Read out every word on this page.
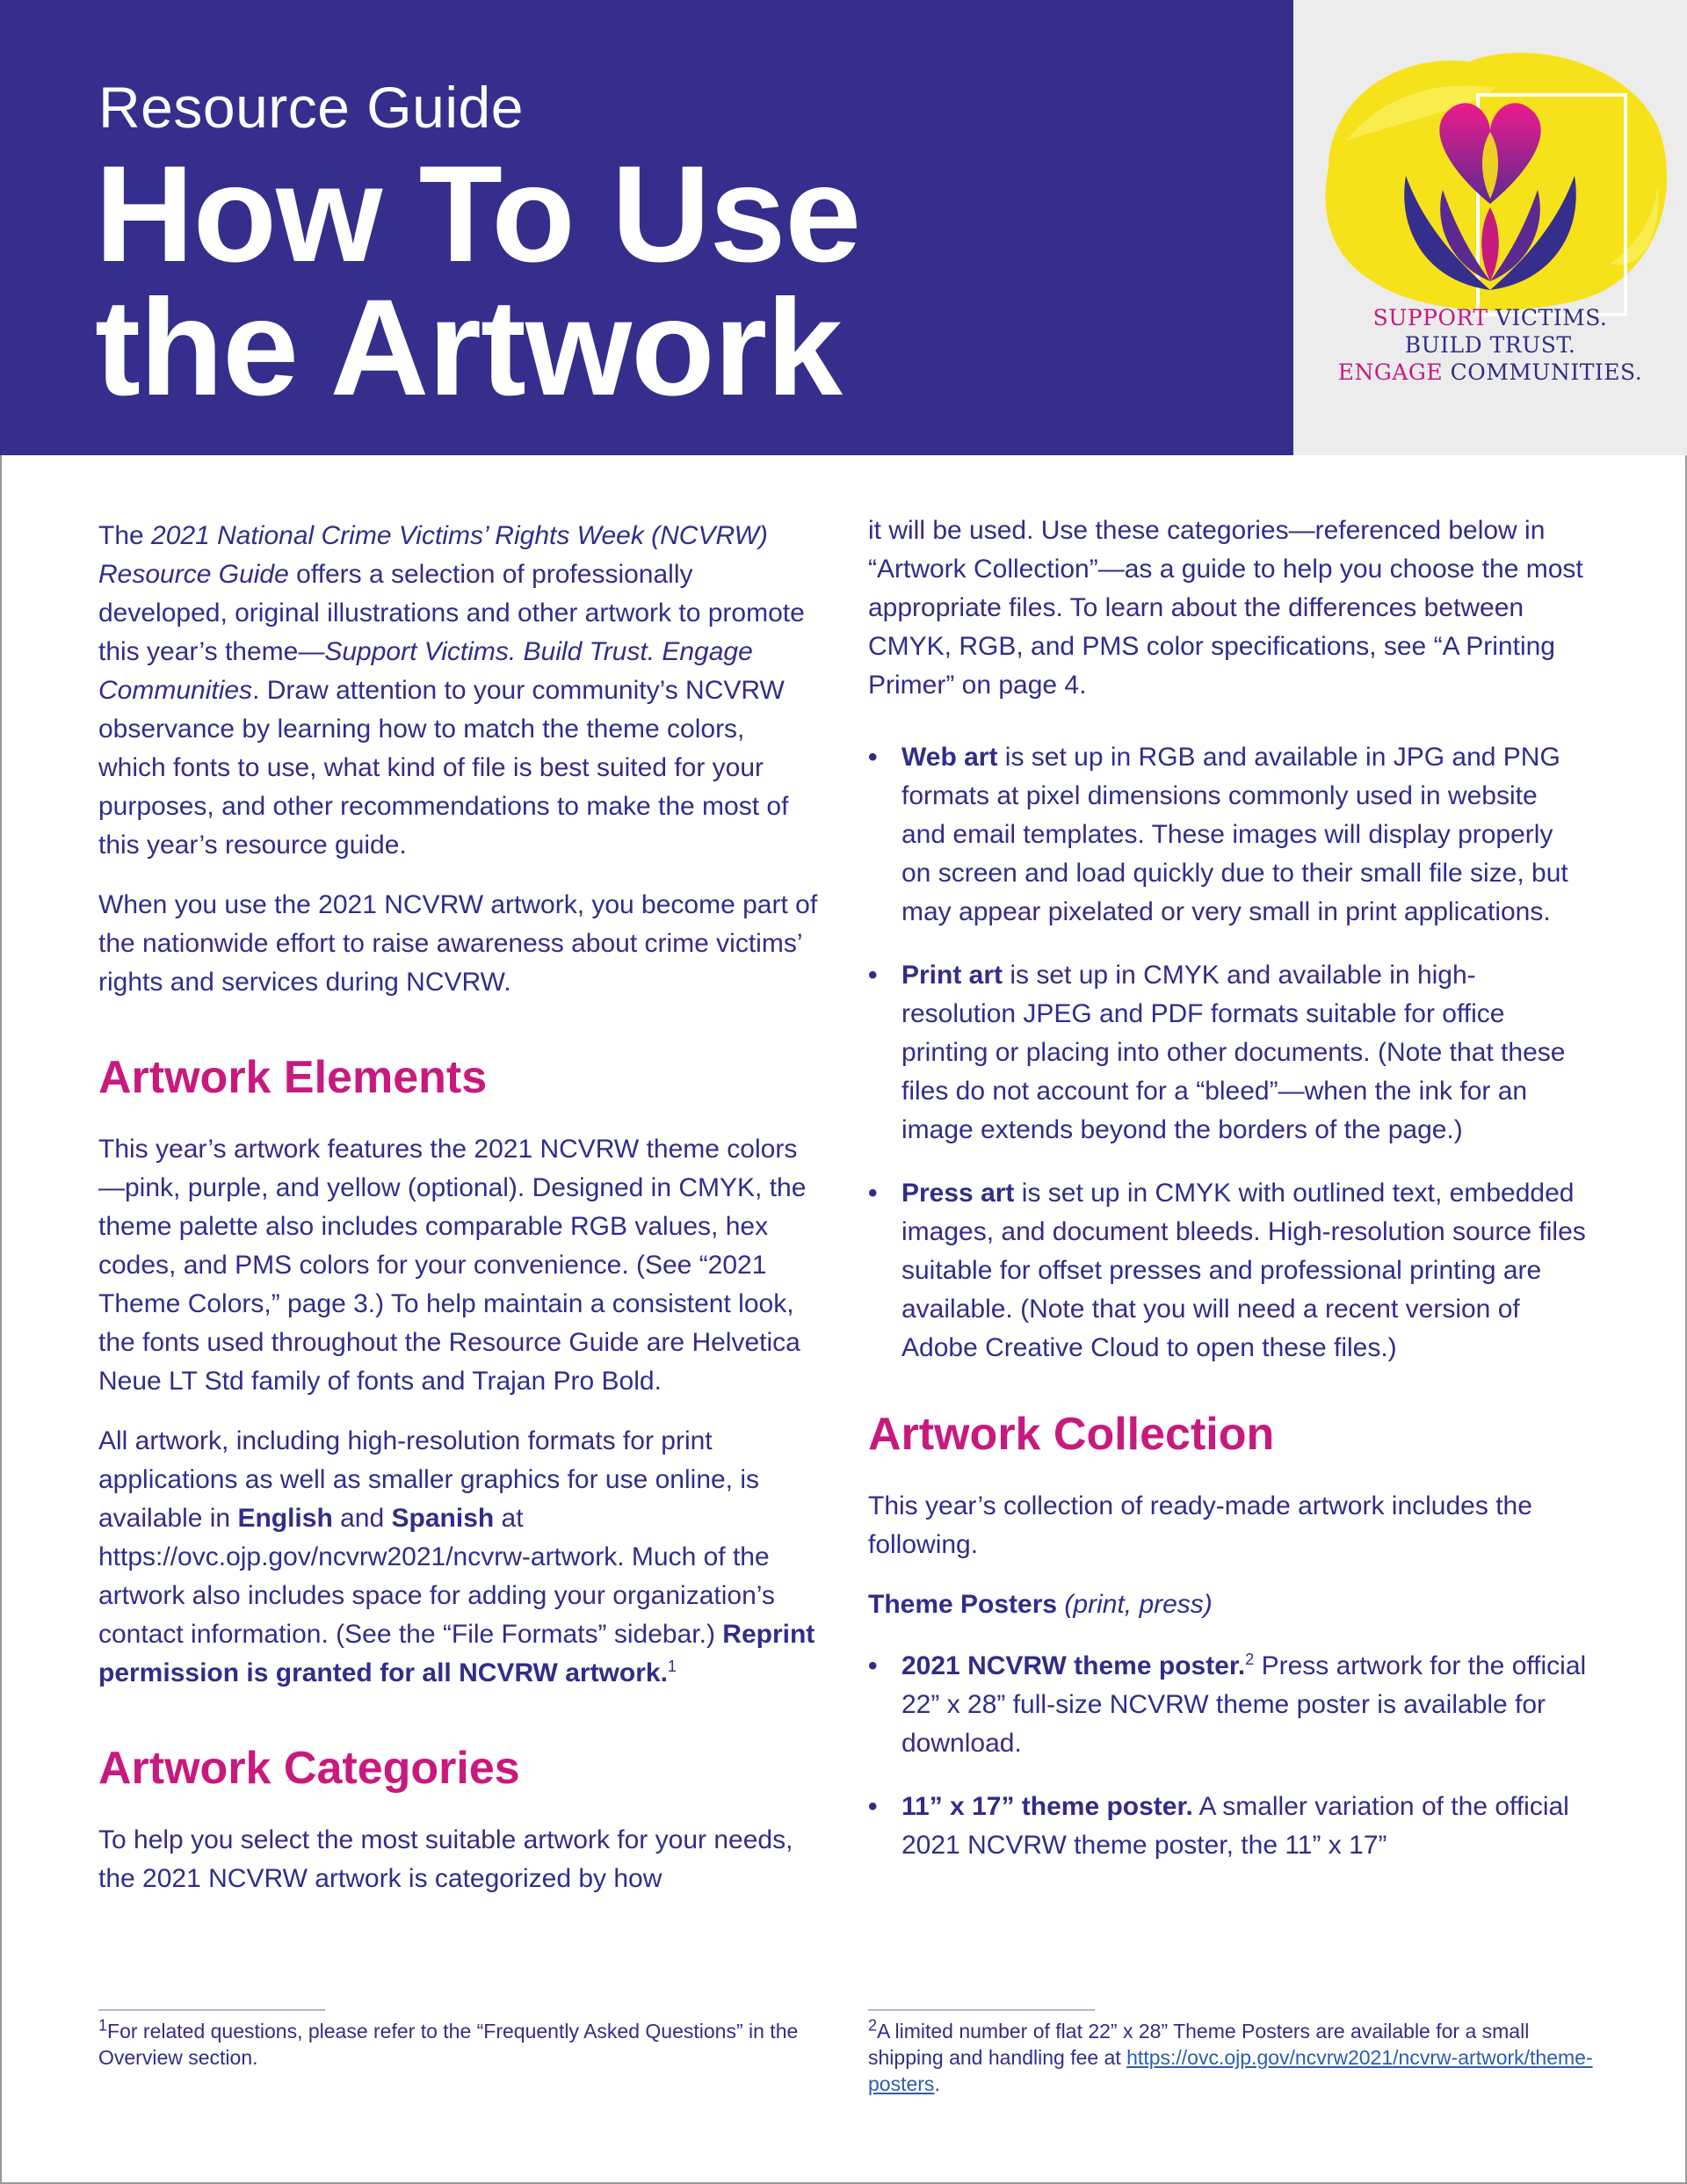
Resource Guide
How To Use
the Artwork	SUPPORT VICTIMS.
BUILD TRUST.
ENGAGE COMMUNITIES.

The 2021 National Crime Victims’ Rights Week (NCVRW) Resource Guide offers a selection of professionally developed, original illustrations and other artwork to promote this year’s theme—Support Victims. Build Trust. Engage Communities. Draw attention to your community’s NCVRW observance by learning how to match the theme colors, which fonts to use, what kind of file is best suited for your purposes, and other recommendations to make the most of this year’s resource guide.

When you use the 2021 NCVRW artwork, you become part of the nationwide effort to raise awareness about crime victims’ rights and services during NCVRW.

Artwork Elements

This year’s artwork features the 2021 NCVRW theme colors—pink, purple, and yellow (optional). Designed in CMYK, the theme palette also includes comparable RGB values, hex codes, and PMS colors for your convenience. (See “2021 Theme Colors,” page 3.) To help maintain a consistent look, the fonts used throughout the Resource Guide are Helvetica Neue LT Std family of fonts and Trajan Pro Bold.

All artwork, including high-resolution formats for print applications as well as smaller graphics for use online, is available in English and Spanish at https://ovc.ojp.gov/ncvrw2021/ncvrw-artwork. Much of the artwork also includes space for adding your organization’s contact information. (See the “File Formats” sidebar.) Reprint permission is granted for all NCVRW artwork.$^1$

Artwork Categories

To help you select the most suitable artwork for your needs, the 2021 NCVRW artwork is categorized by how

it will be used. Use these categories—referenced below in “Artwork Collection”—as a guide to help you choose the most appropriate files. To learn about the differences between CMYK, RGB, and PMS color specifications, see “A Printing Primer” on page 4.

• Web art is set up in RGB and available in JPG and PNG formats at pixel dimensions commonly used in website and email templates. These images will display properly on screen and load quickly due to their small file size, but may appear pixelated or very small in print applications.
• Print art is set up in CMYK and available in high-resolution JPEG and PDF formats suitable for office printing or placing into other documents. (Note that these files do not account for a “bleed”—when the ink for an image extends beyond the borders of the page.)
• Press art is set up in CMYK with outlined text, embedded images, and document bleeds. High-resolution source files suitable for offset presses and professional printing are available. (Note that you will need a recent version of Adobe Creative Cloud to open these files.)
Artwork Collection

This year’s collection of ready-made artwork includes the following.

Theme Posters (print, press)
• 2021 NCVRW theme poster.$^2$ Press artwork for the official 22” x 28” full-size NCVRW theme poster is available for download.
• 11” x 17” theme poster. A smaller variation of the official 2021 NCVRW theme poster, the 11” x 17”
$^1$For related questions, please refer to the “Frequently Asked Questions” in the Overview section.
$^2$A limited number of flat 22” x 28” Theme Posters are available for a small shipping and handling fee at https://ovc.ojp.gov/ncvrw2021/ncvrw-artwork/theme-posters.
